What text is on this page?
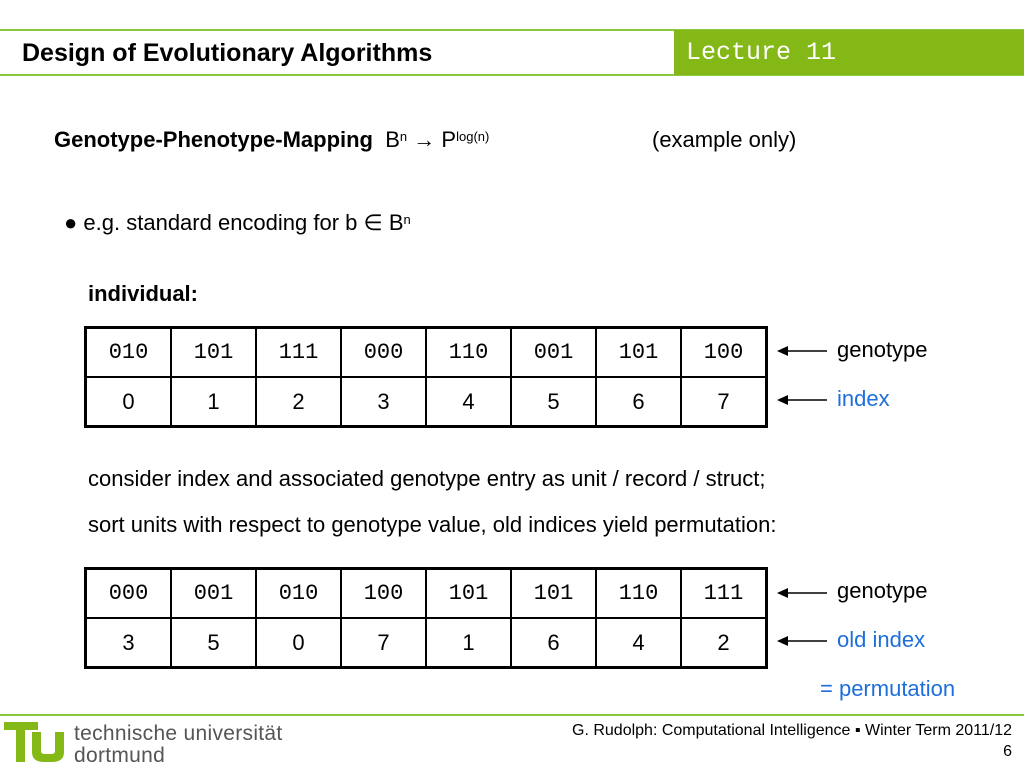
Design of Evolutionary Algorithms	Lecture 11
Genotype-Phenotype-Mapping $B^n \to P^{log(n)}$	(example only)
● e.g. standard encoding for b ∈ $B^n$
individual:
010	101	111	000	110	001	101	100
0	1	2	3	4	5	6	7
genotype
index
consider index and associated genotype entry as unit / record / struct;
sort units with respect to genotype value, old indices yield permutation:
000	001	010	100	101	101	110	111
3	5	0	7	1	6	4	2
genotype
old index
= permutation
technische universität
dortmund
G. Rudolph: Computational Intelligence ▪ Winter Term 2011/12
6
